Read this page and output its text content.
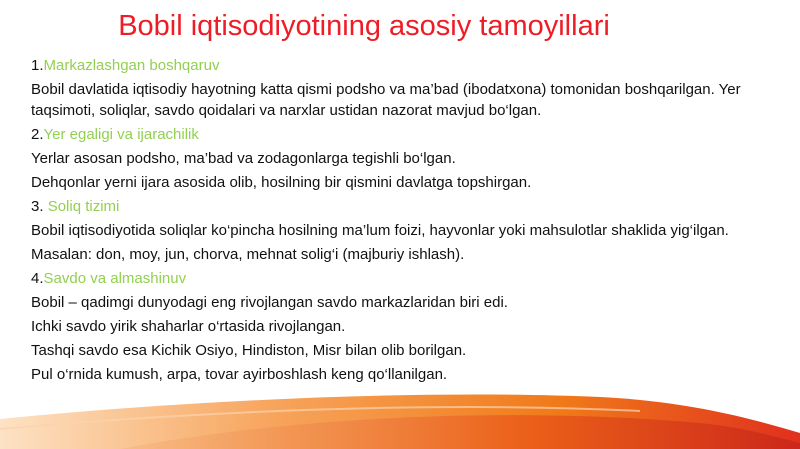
Bobil iqtisodiyotining asosiy tamoyillari
1.Markazlashgan boshqaruv
Bobil davlatida iqtisodiy hayotning katta qismi podsho va ma’bad (ibodatxona) tomonidan boshqarilgan. Yer taqsimoti, soliqlar, savdo qoidalari va narxlar ustidan nazorat mavjud bo‘lgan.
2.Yer egaligi va ijarachilik
Yerlar asosan podsho, ma’bad va zodagonlarga tegishli bo‘lgan.
Dehqonlar yerni ijara asosida olib, hosilning bir qismini davlatga topshirgan.
3. Soliq tizimi
Bobil iqtisodiyotida soliqlar ko‘pincha hosilning ma’lum foizi, hayvonlar yoki mahsulotlar shaklida yig‘ilgan.
Masalan: don, moy, jun, chorva, mehnat solig‘i (majburiy ishlash).
4.Savdo va almashinuv
Bobil – qadimgi dunyodagi eng rivojlangan savdo markazlaridan biri edi.
Ichki savdo yirik shaharlar o‘rtasida rivojlangan.
Tashqi savdo esa Kichik Osiyo, Hindiston, Misr bilan olib borilgan.
Pul o‘rnida kumush, arpa, tovar ayirboshlash keng qo‘llanilgan.
